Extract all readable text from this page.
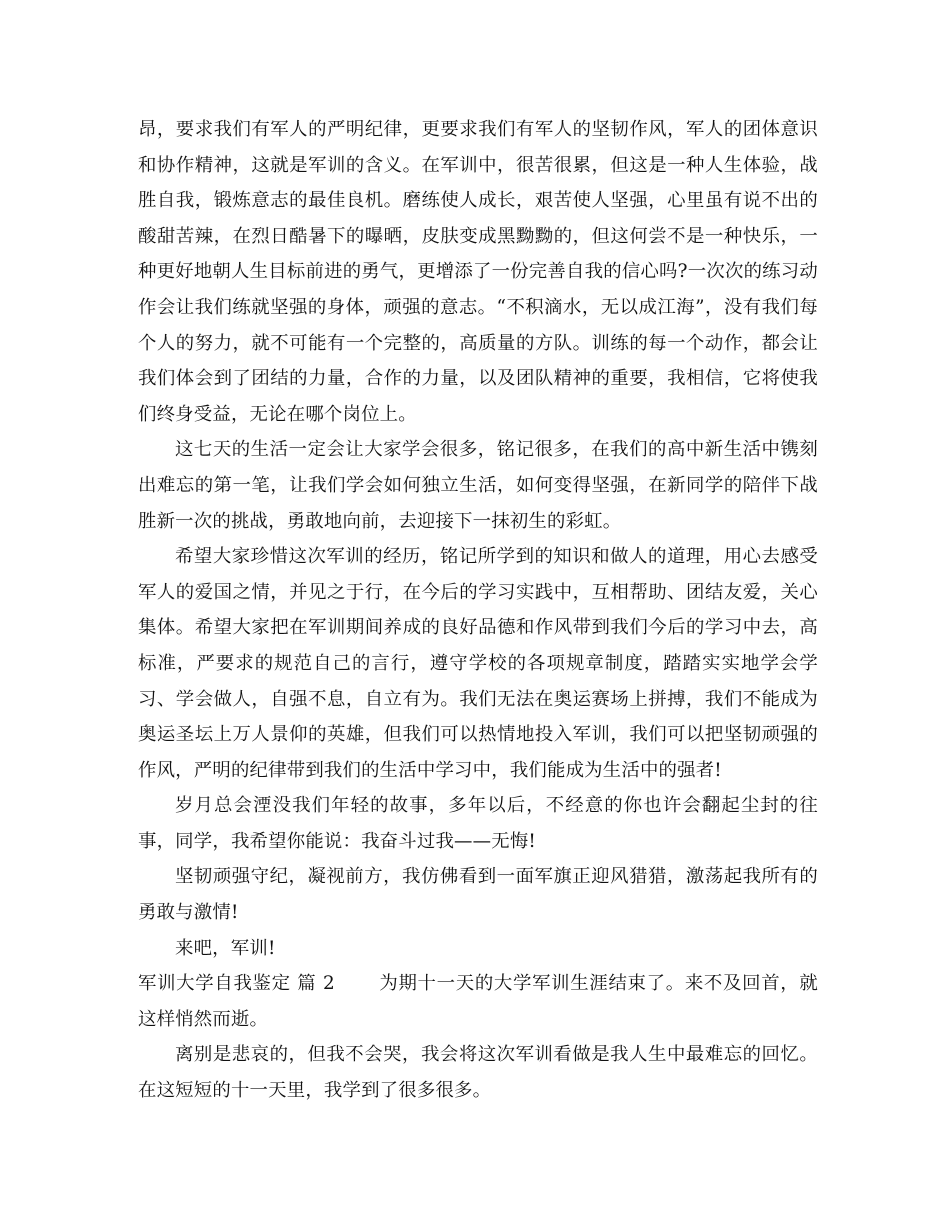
昂，要求我们有军人的严明纪律，更要求我们有军人的坚韧作风，军人的团体意识和协作精神，这就是军训的含义。在军训中，很苦很累，但这是一种人生体验，战胜自我，锻炼意志的最佳良机。磨练使人成长，艰苦使人坚强，心里虽有说不出的酸甜苦辣，在烈日酷暑下的曝晒，皮肤变成黑黝黝的，但这何尝不是一种快乐，一种更好地朝人生目标前进的勇气，更增添了一份完善自我的信心吗?一次次的练习动作会让我们练就坚强的身体，顽强的意志。“不积滴水，无以成江海”，没有我们每个人的努力，就不可能有一个完整的，高质量的方队。训练的每一个动作，都会让我们体会到了团结的力量，合作的力量，以及团队精神的重要，我相信，它将使我们终身受益，无论在哪个岗位上。

这七天的生活一定会让大家学会很多，铭记很多，在我们的高中新生活中镌刻出难忘的第一笔，让我们学会如何独立生活，如何变得坚强，在新同学的陪伴下战胜新一次的挑战，勇敢地向前，去迎接下一抹初生的彩虹。

希望大家珍惜这次军训的经历，铭记所学到的知识和做人的道理，用心去感受军人的爱国之情，并见之于行，在今后的学习实践中，互相帮助、团结友爱，关心集体。希望大家把在军训期间养成的良好品德和作风带到我们今后的学习中去，高标准，严要求的规范自己的言行，遵守学校的各项规章制度，踏踏实实地学会学习、学会做人，自强不息，自立有为。我们无法在奥运赛场上拼搏，我们不能成为奥运圣坛上万人景仰的英雄，但我们可以热情地投入军训，我们可以把坚韧顽强的作风，严明的纪律带到我们的生活中学习中，我们能成为生活中的强者!

岁月总会湮没我们年轻的故事，多年以后，不经意的你也许会翻起尘封的往事，同学，我希望你能说：我奋斗过我——无悔!

坚韧顽强守纪，凝视前方，我仿佛看到一面军旗正迎风猎猎，激荡起我所有的勇敢与激情!

来吧，军训!

军训大学自我鉴定 篇 2 为期十一天的大学军训生涯结束了。来不及回首，就这样悄然而逝。

离别是悲哀的，但我不会哭，我会将这次军训看做是我人生中最难忘的回忆。在这短短的十一天里，我学到了很多很多。
